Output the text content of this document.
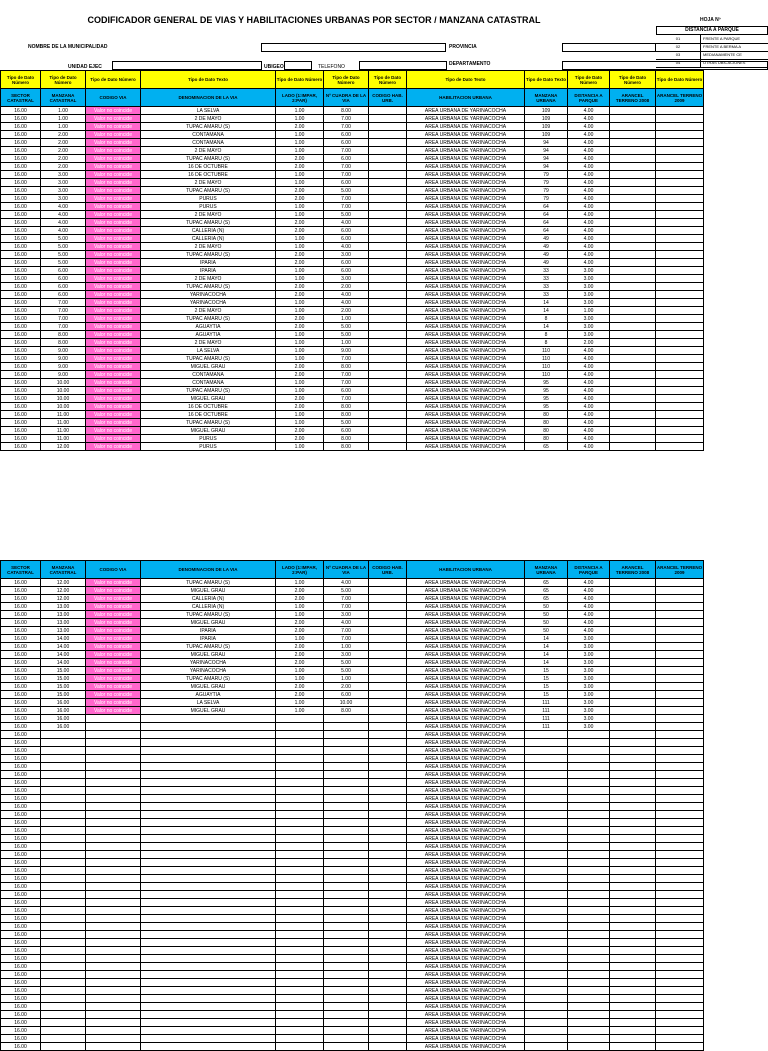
CODIFICADOR GENERAL DE VIAS Y HABILITACIONES URBANAS POR SECTOR / MANZANA CATASTRAL	HOJA Nº
DISTANCIA A PARQUE
01	FRENTE A PARQUE
02	FRENTE A BERMA A
03	MEDIANAMENTE CE
04	OTRAS UBICACIONES
NOMBRE DE LA MUNICIPALIDAD	PROVINCIA
UNIDAD EJEC	UBIGEO	TELEFONO	DEPARTAMENTO
Tipo de Dato Número	Tipo de Dato Número	Tipo de Dato Número	Tipo de Dato Texto	Tipo de Dato Número	Tipo de Dato Número	Tipo de Dato Número	Tipo de Dato Texto	Tipo de Dato Texto	Tipo de Dato Número	Tipo de Dato Número	Tipo de Dato Número
SECTOR CATASTRAL	MANZANA CATASTRAL	CODIGO VIA	DENOMINACION DE LA VIA	LADO (1:IMPAR, 2:PAR)	Nº CUADRA DE LA VIA	CODIGO HAB. URB.	HABILITACION URBANA	MANZANA URBANA	DISTANCIA A PARQUE	ARANCEL TERRENO 2008	ARANCEL TERRENO 2009
16.00	1.00	Valor no coincide	LA SELVA	1.00	8.00		AREA URBANA DE YARINACOCHA	109	4.00		
16.00	1.00	Valor no coincide	2 DE MAYO	1.00	7.00		AREA URBANA DE YARINACOCHA	109	4.00		
16.00	1.00	Valor no coincide	TUPAC AMARU (S)	2.00	7.00		AREA URBANA DE YARINACOCHA	109	4.00		
16.00	2.00	Valor no coincide	CONTAMANA	1.00	6.00		AREA URBANA DE YARINACOCHA	109	4.00		
16.00	2.00	Valor no coincide	CONTAMANA	1.00	6.00		AREA URBANA DE YARINACOCHA	94	4.00		
16.00	2.00	Valor no coincide	2 DE MAYO	1.00	7.00		AREA URBANA DE YARINACOCHA	94	4.00		
16.00	2.00	Valor no coincide	TUPAC AMARU (S)	2.00	6.00		AREA URBANA DE YARINACOCHA	94	4.00		
16.00	2.00	Valor no coincide	16 DE OCTUBRE	2.00	7.00		AREA URBANA DE YARINACOCHA	94	4.00		
16.00	3.00	Valor no coincide	16 DE OCTUBRE	1.00	7.00		AREA URBANA DE YARINACOCHA	79	4.00		
16.00	3.00	Valor no coincide	2 DE MAYO	1.00	6.00		AREA URBANA DE YARINACOCHA	79	4.00		
16.00	3.00	Valor no coincide	TUPAC AMARU (S)	2.00	5.00		AREA URBANA DE YARINACOCHA	79	4.00		
16.00	3.00	Valor no coincide	PURUS	2.00	7.00		AREA URBANA DE YARINACOCHA	79	4.00		
16.00	4.00	Valor no coincide	PURUS	1.00	7.00		AREA URBANA DE YARINACOCHA	64	4.00		
16.00	4.00	Valor no coincide	2 DE MAYO	1.00	5.00		AREA URBANA DE YARINACOCHA	64	4.00		
16.00	4.00	Valor no coincide	TUPAC AMARU (S)	2.00	4.00		AREA URBANA DE YARINACOCHA	64	4.00		
16.00	4.00	Valor no coincide	CALLERIA (N)	2.00	6.00		AREA URBANA DE YARINACOCHA	64	4.00		
16.00	5.00	Valor no coincide	CALLERIA (N)	1.00	6.00		AREA URBANA DE YARINACOCHA	49	4.00		
16.00	5.00	Valor no coincide	2 DE MAYO	1.00	4.00		AREA URBANA DE YARINACOCHA	49	4.00		
16.00	5.00	Valor no coincide	TUPAC AMARU (S)	2.00	3.00		AREA URBANA DE YARINACOCHA	49	4.00		
16.00	5.00	Valor no coincide	IPARIA	2.00	6.00		AREA URBANA DE YARINACOCHA	49	4.00		
16.00	6.00	Valor no coincide	IPARIA	1.00	6.00		AREA URBANA DE YARINACOCHA	33	3.00		
16.00	6.00	Valor no coincide	2 DE MAYO	1.00	3.00		AREA URBANA DE YARINACOCHA	33	3.00		
16.00	6.00	Valor no coincide	TUPAC AMARU (S)	2.00	2.00		AREA URBANA DE YARINACOCHA	33	3.00		
16.00	6.00	Valor no coincide	YARINACOCHA	2.00	4.00		AREA URBANA DE YARINACOCHA	33	3.00		
16.00	7.00	Valor no coincide	YARINACOCHA	1.00	4.00		AREA URBANA DE YARINACOCHA	14	3.00		
16.00	7.00	Valor no coincide	2 DE MAYO	1.00	2.00		AREA URBANA DE YARINACOCHA	14	1.00		
16.00	7.00	Valor no coincide	TUPAC AMARU (S)	2.00	1.00		AREA URBANA DE YARINACOCHA	8	3.00		
16.00	7.00	Valor no coincide	AGUAYTIA	2.00	5.00		AREA URBANA DE YARINACOCHA	14	3.00		
16.00	8.00	Valor no coincide	AGUAYTIA	1.00	5.00		AREA URBANA DE YARINACOCHA	8	3.00		
16.00	8.00	Valor no coincide	2 DE MAYO	1.00	1.00		AREA URBANA DE YARINACOCHA	8	2.00		
16.00	9.00	Valor no coincide	LA SELVA	1.00	9.00		AREA URBANA DE YARINACOCHA	110	4.00		
16.00	9.00	Valor no coincide	TUPAC AMARU (S)	1.00	7.00		AREA URBANA DE YARINACOCHA	110	4.00		
16.00	9.00	Valor no coincide	MIGUEL GRAU	2.00	8.00		AREA URBANA DE YARINACOCHA	110	4.00		
16.00	9.00	Valor no coincide	CONTAMANA	2.00	7.00		AREA URBANA DE YARINACOCHA	110	4.00		
16.00	10.00	Valor no coincide	CONTAMANA	1.00	7.00		AREA URBANA DE YARINACOCHA	95	4.00		
16.00	10.00	Valor no coincide	TUPAC AMARU (S)	1.00	6.00		AREA URBANA DE YARINACOCHA	95	4.00		
16.00	10.00	Valor no coincide	MIGUEL GRAU	2.00	7.00		AREA URBANA DE YARINACOCHA	95	4.00		
16.00	10.00	Valor no coincide	16 DE OCTUBRE	2.00	8.00		AREA URBANA DE YARINACOCHA	95	4.00		
16.00	11.00	Valor no coincide	16 DE OCTUBRE	1.00	8.00		AREA URBANA DE YARINACOCHA	80	4.00		
16.00	11.00	Valor no coincide	TUPAC AMARU (S)	1.00	5.00		AREA URBANA DE YARINACOCHA	80	4.00		
16.00	11.00	Valor no coincide	MIGUEL GRAU	2.00	6.00		AREA URBANA DE YARINACOCHA	80	4.00		
16.00	11.00	Valor no coincide	PURUS	2.00	8.00		AREA URBANA DE YARINACOCHA	80	4.00		
16.00	12.00	Valor no coincide	PURUS	1.00	8.00		AREA URBANA DE YARINACOCHA	65	4.00		
SECTOR CATASTRAL	MANZANA CATASTRAL	CODIGO VIA	DENOMINACION DE LA VIA	LADO (1:IMPAR, 2:PAR)	Nº CUADRA DE LA VIA	CODIGO HAB. URB.	HABILITACION URBANA	MANZANA URBANA	DISTANCIA A PARQUE	ARANCEL TERRENO 2008	ARANCEL TERRENO 2009
16.00	12.00	Valor no coincide	TUPAC AMARU (S)	1.00	4.00		AREA URBANA DE YARINACOCHA	65	4.00		
16.00	12.00	Valor no coincide	MIGUEL GRAU	2.00	5.00		AREA URBANA DE YARINACOCHA	65	4.00		
16.00	12.00	Valor no coincide	CALLERIA (N)	2.00	7.00		AREA URBANA DE YARINACOCHA	65	4.00		
16.00	13.00	Valor no coincide	CALLERIA (N)	1.00	7.00		AREA URBANA DE YARINACOCHA	50	4.00		
16.00	13.00	Valor no coincide	TUPAC AMARU (S)	1.00	3.00		AREA URBANA DE YARINACOCHA	50	4.00		
16.00	13.00	Valor no coincide	MIGUEL GRAU	2.00	4.00		AREA URBANA DE YARINACOCHA	50	4.00		
16.00	13.00	Valor no coincide	IPARIA	2.00	7.00		AREA URBANA DE YARINACOCHA	50	4.00		
16.00	14.00	Valor no coincide	IPARIA	1.00	7.00		AREA URBANA DE YARINACOCHA	14	3.00		
16.00	14.00	Valor no coincide	TUPAC AMARU (S)	2.00	1.00		AREA URBANA DE YARINACOCHA	14	3.00		
16.00	14.00	Valor no coincide	MIGUEL GRAU	2.00	3.00		AREA URBANA DE YARINACOCHA	14	3.00		
16.00	14.00	Valor no coincide	YARINACOCHA	2.00	5.00		AREA URBANA DE YARINACOCHA	14	3.00		
16.00	15.00	Valor no coincide	YARINACOCHA	1.00	5.00		AREA URBANA DE YARINACOCHA	15	3.00		
16.00	15.00	Valor no coincide	TUPAC AMARU (S)	1.00	1.00		AREA URBANA DE YARINACOCHA	15	3.00		
16.00	15.00	Valor no coincide	MIGUEL GRAU	2.00	2.00		AREA URBANA DE YARINACOCHA	15	3.00		
16.00	15.00	Valor no coincide	AGUAYTIA	2.00	6.00		AREA URBANA DE YARINACOCHA	15	3.00		
16.00	16.00	Valor no coincide	LA SELVA	1.00	10.00		AREA URBANA DE YARINACOCHA	111	3.00		
16.00	16.00	Valor no coincide	MIGUEL GRAU	1.00	8.00		AREA URBANA DE YARINACOCHA	111	3.00		
16.00	16.00						AREA URBANA DE YARINACOCHA	111	3.00		
16.00	16.00						AREA URBANA DE YARINACOCHA	111	3.00		
16.00							AREA URBANA DE YARINACOCHA				
16.00							AREA URBANA DE YARINACOCHA				
16.00							AREA URBANA DE YARINACOCHA				
16.00							AREA URBANA DE YARINACOCHA				
16.00							AREA URBANA DE YARINACOCHA				
16.00							AREA URBANA DE YARINACOCHA				
16.00							AREA URBANA DE YARINACOCHA				
16.00							AREA URBANA DE YARINACOCHA				
16.00							AREA URBANA DE YARINACOCHA				
16.00							AREA URBANA DE YARINACOCHA				
16.00							AREA URBANA DE YARINACOCHA				
16.00							AREA URBANA DE YARINACOCHA				
16.00							AREA URBANA DE YARINACOCHA				
16.00							AREA URBANA DE YARINACOCHA				
16.00							AREA URBANA DE YARINACOCHA				
16.00							AREA URBANA DE YARINACOCHA				
16.00							AREA URBANA DE YARINACOCHA				
16.00							AREA URBANA DE YARINACOCHA				
16.00							AREA URBANA DE YARINACOCHA				
16.00							AREA URBANA DE YARINACOCHA				
16.00							AREA URBANA DE YARINACOCHA				
16.00							AREA URBANA DE YARINACOCHA				
16.00							AREA URBANA DE YARINACOCHA				
16.00							AREA URBANA DE YARINACOCHA				
16.00							AREA URBANA DE YARINACOCHA				
16.00							AREA URBANA DE YARINACOCHA				
16.00							AREA URBANA DE YARINACOCHA				
16.00							AREA URBANA DE YARINACOCHA				
16.00							AREA URBANA DE YARINACOCHA				
16.00							AREA URBANA DE YARINACOCHA				
16.00							AREA URBANA DE YARINACOCHA				
16.00							AREA URBANA DE YARINACOCHA				
16.00							AREA URBANA DE YARINACOCHA				
16.00							AREA URBANA DE YARINACOCHA				
16.00							AREA URBANA DE YARINACOCHA				
16.00							AREA URBANA DE YARINACOCHA				
16.00							AREA URBANA DE YARINACOCHA				
16.00							AREA URBANA DE YARINACOCHA				
16.00							AREA URBANA DE YARINACOCHA				
16.00							AREA URBANA DE YARINACOCHA				
